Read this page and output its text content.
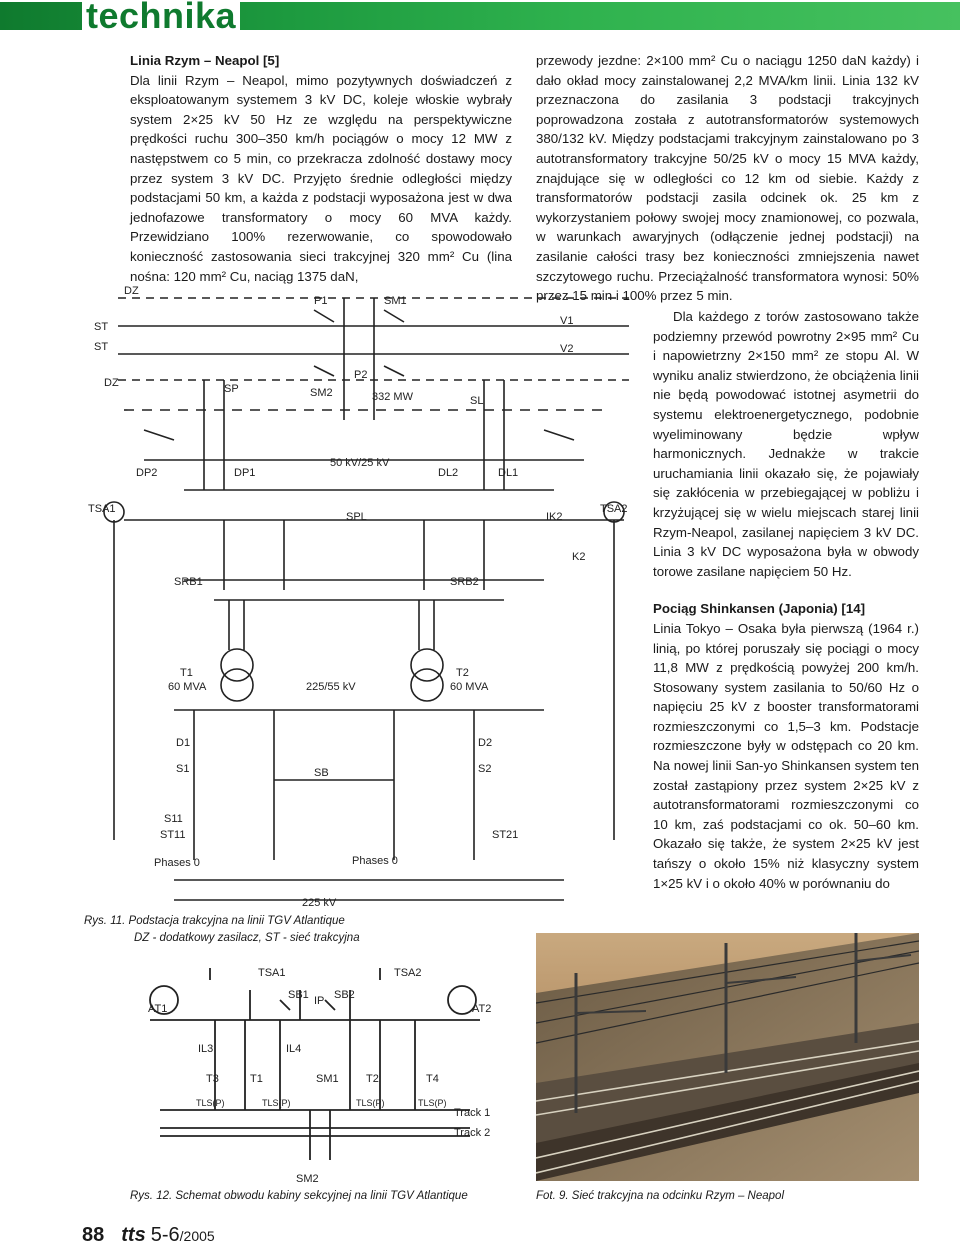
technika

Linia Rzym – Neapol [5]

Dla linii Rzym – Neapol, mimo pozytywnych doświadczeń z eksploatowanym systemem 3 kV DC, koleje włoskie wybrały system 2×25 kV 50 Hz ze względu na perspektywiczne prędkości ruchu 300–350 km/h pociągów o mocy 12 MW z następstwem co 5 min, co przekracza zdolność dostawy mocy przez system 3 kV DC. Przyjęto średnie odległości między podstacjami 50 km, a każda z podstacji wyposażona jest w dwa jednofazowe transformatory o mocy 60 MVA każdy. Przewidziano 100% rezerwowanie, co spowodowało konieczność zastosowania sieci trakcyjnej 320 mm² Cu (lina nośna: 120 mm² Cu, naciąg 1375 daN,

przewody jezdne: 2×100 mm² Cu o naciągu 1250 daN każdy) i dało okład mocy zainstalowanej 2,2 MVA/km linii. Linia 132 kV przeznaczona do zasilania 3 podstacji trakcyjnych poprowadzona została z autotransformatorów systemowych 380/132 kV. Między podstacjami trakcyjnym zainstalowano po 3 autotransformatory trakcyjne 50/25 kV o mocy 15 MVA każdy, znajdujące się w odległości co 12 km od siebie. Każdy z transformatorów podstacji zasila odcinek ok. 25 km z wykorzystaniem połowy swojej mocy znamionowej, co pozwala, w warunkach awaryjnych (odłączenie jednej podstacji) na zasilanie całości trasy bez konieczności zmniejszenia nawet szczytowego ruchu. Przeciążalność transformatora wynosi: 50% przez 15 min i 100% przez 5 min.

Dla każdego z torów zastosowano także podziemny przewód powrotny 2×95 mm² Cu i napowietrzny 2×150 mm² ze stopu Al. W wyniku analiz stwierdzono, że obciążenia linii nie będą powodować istotnej asymetrii do systemu elektroenergetycznego, podobnie wyeliminowany będzie wpływ harmonicznych. Jednakże w trakcie uruchamiania linii okazało się, że pojawiały się zakłócenia w przebiegającej w pobliżu i krzyżującej się w wielu miejscach starej linii Rzym-Neapol, zasilanej napięciem 3 kV DC. Linia 3 kV DC wyposażona była w obwody torowe zasilane napięciem 50 Hz.

Pociąg Shinkansen (Japonia) [14]

Linia Tokyo – Osaka była pierwszą (1964 r.) linią, po której poruszały się pociągi o mocy 11,8 MW z prędkością powyżej 200 km/h. Stosowany system zasilania to 50/60 Hz o napięciu 25 kV z booster transformatorami rozmieszczonymi co 1,5–3 km. Podstacje rozmieszczone były w odstępach co 20 km. Na nowej linii San-yo Shinkansen system ten został zastąpiony przez system 2×25 kV z autotransformatorami rozmieszczonymi co 10 km, zaś podstacjami co ok. 50–60 km. Okazało się także, że system 2×25 kV jest tańszy o około 15% niż klasyczny system 1×25 kV i o około 40% w porównaniu do

DZ
ST
ST
DZ
P1	SM1
V1
V2
P2
SM2	332 MW
SP
SL
50 kV/25 kV
DP2	DP1	DL2	DL1
TSA1	TSA2
SPL	IK2
K2
SRB1	SRB2
T1
60 MVA
T2
60 MVA
225/55 kV
D1	D2
S1	S2
SB
S11
ST11	ST21
Phases 0	Phases 0
225 kV
Rys. 11. Podstacja trakcyjna na linii TGV Atlantique
DZ - dodatkowy zasilacz, ST - sieć trakcyjna
TSA1	TSA2
AT1	AT2
SB1 IP SB2
IL3	IL4
T3	SM1
T1	T2	T4
TLS(P)	TLS(P)	TLS(P)	TLS(P)
Track 1
Track 2
SM2
Rys. 12. Schemat obwodu kabiny sekcyjnej na linii TGV Atlantique	Fot. 9. Sieć trakcyjna na odcinku Rzym – Neapol
88 tts 5-6/2005
